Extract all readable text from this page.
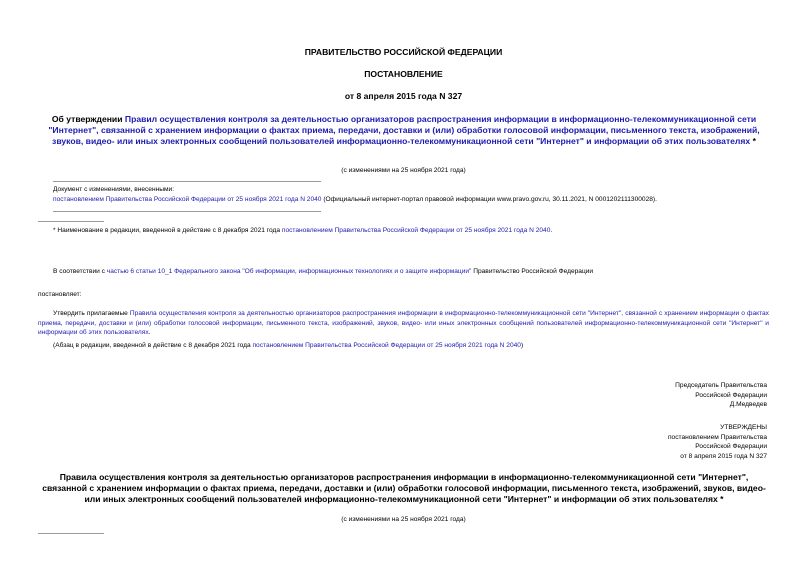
ПРАВИТЕЛЬСТВО РОССИЙСКОЙ ФЕДЕРАЦИИ
ПОСТАНОВЛЕНИЕ
от 8 апреля 2015 года N 327
Об утверждении Правил осуществления контроля за деятельностью организаторов распространения информации в информационно-телекоммуникационной сети "Интернет", связанной с хранением информации о фактах приема, передачи, доставки и (или) обработки голосовой информации, письменного текста, изображений, звуков, видео- или иных электронных сообщений пользователей информационно-телекоммуникационной сети "Интернет" и информации об этих пользователях *
(с изменениями на 25 ноября 2021 года)
Документ с изменениями, внесенными:
постановлением Правительства Российской Федерации от 25 ноября 2021 года N 2040 (Официальный интернет-портал правовой информации www.pravo.gov.ru, 30.11.2021, N 0001202111300028).
* Наименование в редакции, введенной в действие с 8 декабря 2021 года постановлением Правительства Российской Федерации от 25 ноября 2021 года N 2040.
В соответствии с частью 6 статьи 10_1 Федерального закона "Об информации, информационных технологиях и о защите информации" Правительство Российской Федерации
постановляет:
Утвердить прилагаемые Правила осуществления контроля за деятельностью организаторов распространения информации в информационно-телекоммуникационной сети "Интернет", связанной с хранением информации о фактах приема, передачи, доставки и (или) обработки голосовой информации, письменного текста, изображений, звуков, видео- или иных электронных сообщений пользователей информационно-телекоммуникационной сети "Интернет" и информации об этих пользователях.
(Абзац в редакции, введенной в действие с 8 декабря 2021 года постановлением Правительства Российской Федерации от 25 ноября 2021 года N 2040)
Председатель Правительства
Российской Федерации
Д.Медведев
УТВЕРЖДЕНЫ
постановлением Правительства
Российской Федерации
от 8 апреля 2015 года N 327
Правила осуществления контроля за деятельностью организаторов распространения информации в информационно-телекоммуникационной сети "Интернет", связанной с хранением информации о фактах приема, передачи, доставки и (или) обработки голосовой информации, письменного текста, изображений, звуков, видео- или иных электронных сообщений пользователей информационно-телекоммуникационной сети "Интернет" и информации об этих пользователях *
(с изменениями на 25 ноября 2021 года)
